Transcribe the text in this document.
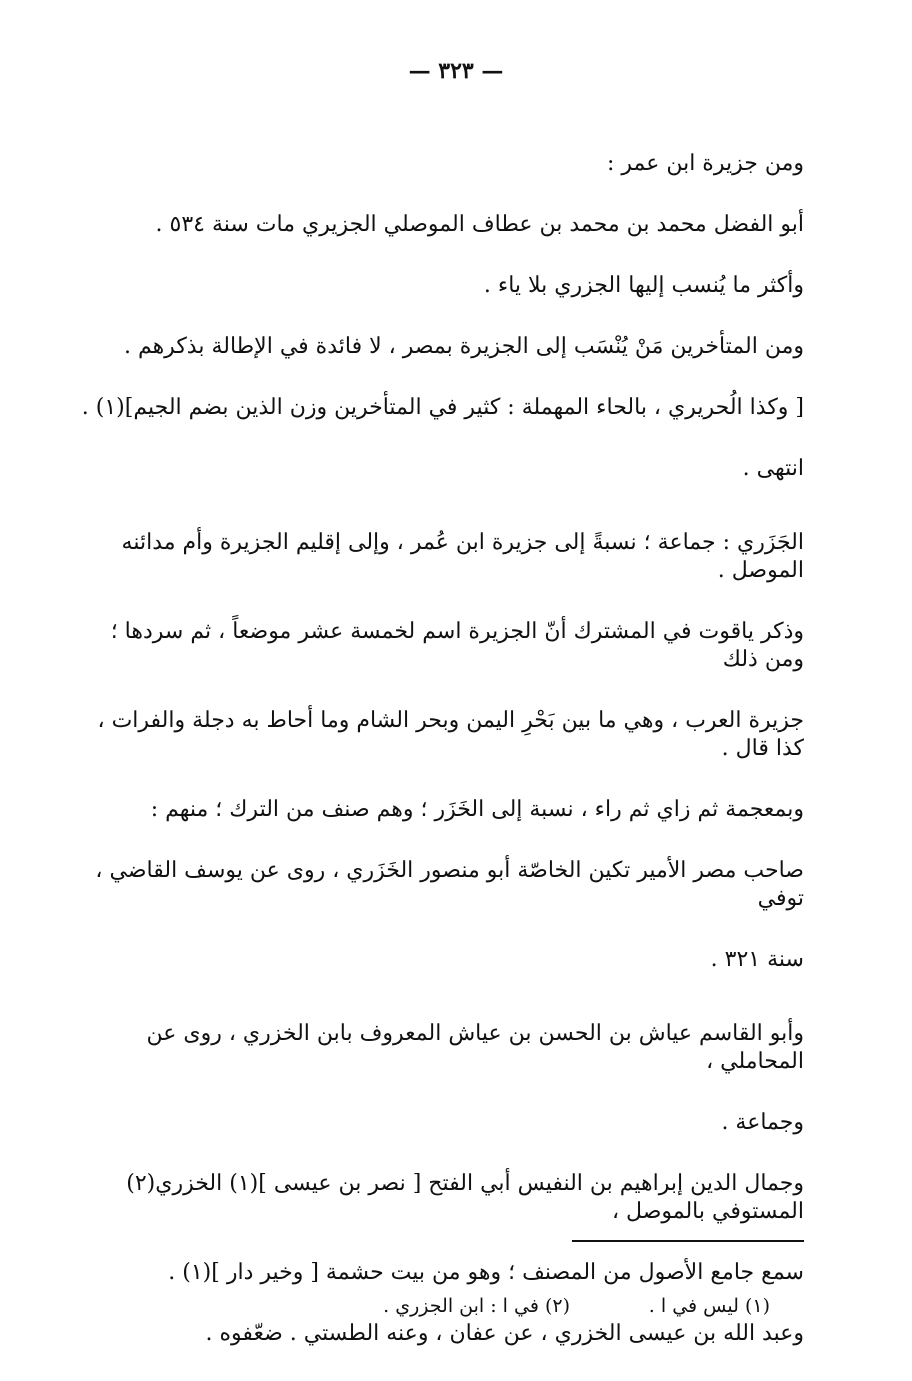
— ٣٢٣ —

ومن جزيرة ابن عمر :

أبو الفضل محمد بن محمد بن عطاف الموصلي الجزيري مات سنة ٥٣٤ .

وأكثر ما يُنسب إليها الجزري بلا ياء .

ومن المتأخرين مَنْ يُنْسَب إلى الجزيرة بمصر ، لا فائدة في الإطالة بذكرهم .

[ وكذا الُحريري ، بالحاء المهملة : كثير في المتأخرين وزن الذين بضم الجيم](١) .
انتهى .

الجَزَري : جماعة ؛ نسبةً إلى جزيرة ابن عُمر ، وإلى إقليم الجزيرة وأم مدائنه الموصل .

وذكر ياقوت في المشترك أنّ الجزيرة اسم لخمسة عشر موضعاً ، ثم سردها ؛ ومن ذلك
جزيرة العرب ، وهي ما بين بَحْرِ اليمن وبحر الشام وما أحاط به دجلة والفرات ، كذا قال .

وبمعجمة ثم زاي ثم راء ، نسبة إلى الخَزَر ؛ وهم صنف من الترك ؛ منهم :

صاحب مصر الأمير تكين الخاصّة أبو منصور الخَزَري ، روى عن يوسف القاضي ، توفي
سنة ٣٢١ .

وأبو القاسم عياش بن الحسن بن عياش المعروف بابن الخزري ، روى عن المحاملي ،
وجماعة .

وجمال الدين إبراهيم بن النفيس أبي الفتح [ نصر بن عيسى ](١) الخزري(٢) المستوفي بالموصل ،
سمع جامع الأصول من المصنف ؛ وهو من بيت حشمة [ وخير دار ](١) .

وعبد الله بن عيسى الخزري ، عن عفان ، وعنه الطستي . ضعّفوه .

(١) ليس في ا .
(٢) في ا : ابن الجزري .
